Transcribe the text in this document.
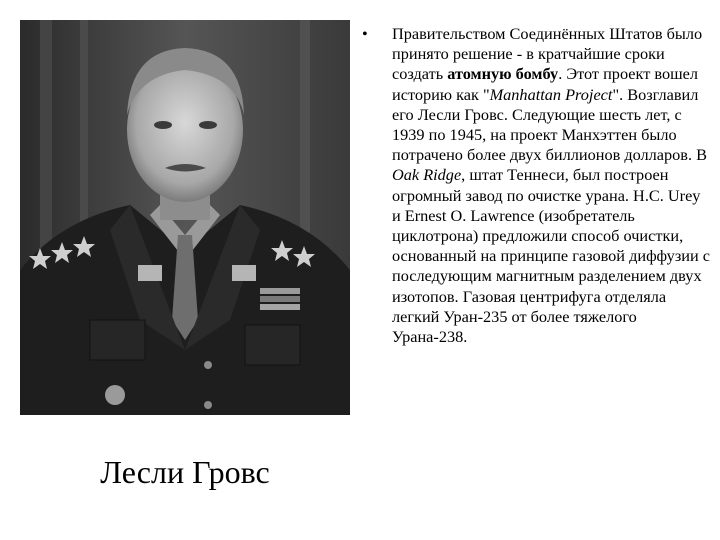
Лесли Гровс
• Правительством Соединённых Штатов было принято решение - в кратчайшие сроки создать атомную бомбу. Этот проект вошел историю как "Manhattan Project". Возглавил его Лесли Гровс. Следующие шесть лет, с 1939 по 1945, на проект Манхэттен было потрачено более двух биллионов долларов. В Oak Ridge, штат Теннеси, был построен огромный завод по очистке урана. H.C. Urey и Ernest O. Lawrence (изобретатель циклотрона) предложили способ очистки, основанный на принципе газовой диффузии с последующим магнитным разделением двух изотопов. Газовая центрифуга отделяла легкий Уран-235 от более тяжелого Урана-238.
